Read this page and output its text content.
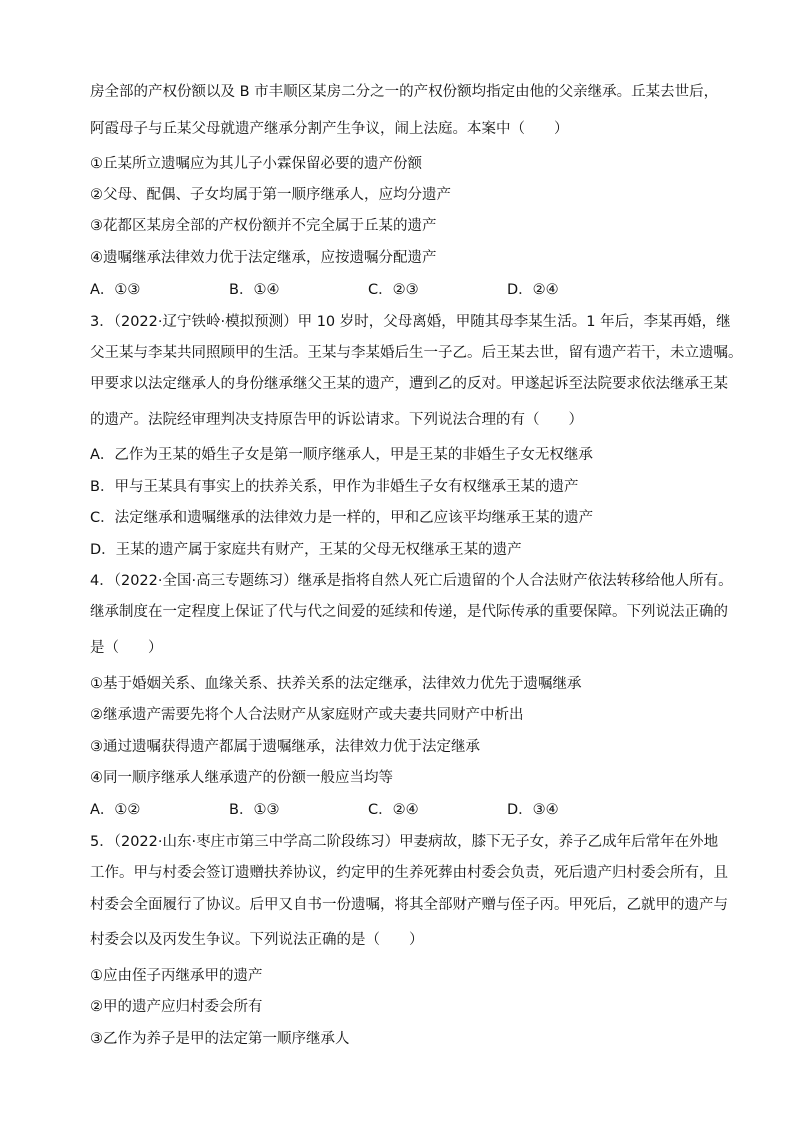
房全部的产权份额以及 B 市丰顺区某房二分之一的产权份额均指定由他的父亲继承。丘某去世后，
阿霞母子与丘某父母就遗产继承分割产生争议，闹上法庭。本案中（　　）
①丘某所立遗嘱应为其儿子小霖保留必要的遗产份额
②父母、配偶、子女均属于第一顺序继承人，应均分遗产
③花都区某房全部的产权份额并不完全属于丘某的遗产
④遗嘱继承法律效力优于法定继承，应按遗嘱分配遗产
A．①③	B．①④	C．②③	D．②④
3．（2022·辽宁铁岭·模拟预测）甲 10 岁时，父母离婚，甲随其母李某生活。1 年后，李某再婚，继
父王某与李某共同照顾甲的生活。王某与李某婚后生一子乙。后王某去世，留有遗产若干，未立遗嘱。
甲要求以法定继承人的身份继承继父王某的遗产，遭到乙的反对。甲遂起诉至法院要求依法继承王某
的遗产。法院经审理判决支持原告甲的诉讼请求。下列说法合理的有（　　）
A．乙作为王某的婚生子女是第一顺序继承人，甲是王某的非婚生子女无权继承
B．甲与王某具有事实上的扶养关系，甲作为非婚生子女有权继承王某的遗产
C．法定继承和遗嘱继承的法律效力是一样的，甲和乙应该平均继承王某的遗产
D．王某的遗产属于家庭共有财产，王某的父母无权继承王某的遗产
4．（2022·全国·高三专题练习）继承是指将自然人死亡后遗留的个人合法财产依法转移给他人所有。
继承制度在一定程度上保证了代与代之间爱的延续和传递，是代际传承的重要保障。下列说法正确的
是（　　）
①基于婚姻关系、血缘关系、扶养关系的法定继承，法律效力优先于遗嘱继承
②继承遗产需要先将个人合法财产从家庭财产或夫妻共同财产中析出
③通过遗嘱获得遗产都属于遗嘱继承，法律效力优于法定继承
④同一顺序继承人继承遗产的份额一般应当均等
A．①②	B．①③	C．②④	D．③④
5．（2022·山东·枣庄市第三中学高二阶段练习）甲妻病故，膝下无子女，养子乙成年后常年在外地
工作。甲与村委会签订遗赠扶养协议，约定甲的生养死葬由村委会负责，死后遗产归村委会所有，且
村委会全面履行了协议。后甲又自书一份遗嘱，将其全部财产赠与侄子丙。甲死后，乙就甲的遗产与
村委会以及丙发生争议。下列说法正确的是（　　）
①应由侄子丙继承甲的遗产
②甲的遗产应归村委会所有
③乙作为养子是甲的法定第一顺序继承人
